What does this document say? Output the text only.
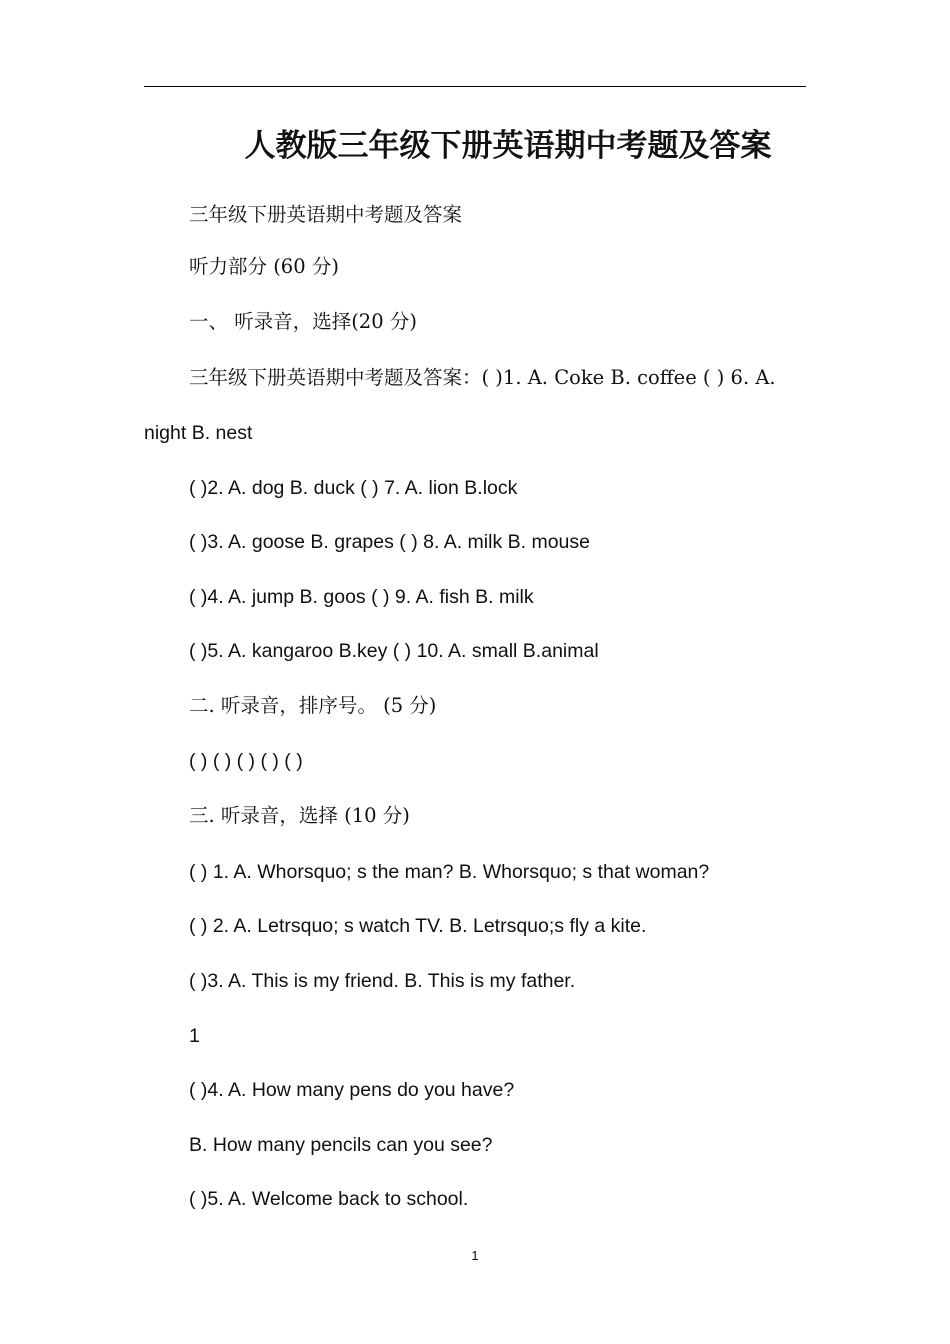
人教版三年级下册英语期中考题及答案
三年级下册英语期中考题及答案
听力部分 (60 分)
一、 听录音，选择(20 分)
三年级下册英语期中考题及答案：( )1. A. Coke B. coffee ( ) 6. A.
night B. nest
( )2. A. dog B. duck ( ) 7. A. lion B.lock
( )3. A. goose B. grapes ( ) 8. A. milk B. mouse
( )4. A. jump B. goos ( ) 9. A. fish B. milk
( )5. A. kangaroo B.key ( ) 10. A. small B.animal
二. 听录音，排序号。 (5 分)
( ) ( ) ( ) ( ) ( )
三. 听录音，选择 (10 分)
( ) 1. A. Whorsquo; s the man? B. Whorsquo; s that woman?
( ) 2. A. Letrsquo; s watch TV. B. Letrsquo;s fly a kite.
( )3. A. This is my friend. B. This is my father.
1
( )4. A. How many pens do you have?
B. How many pencils can you see?
( )5. A. Welcome back to school.
1
